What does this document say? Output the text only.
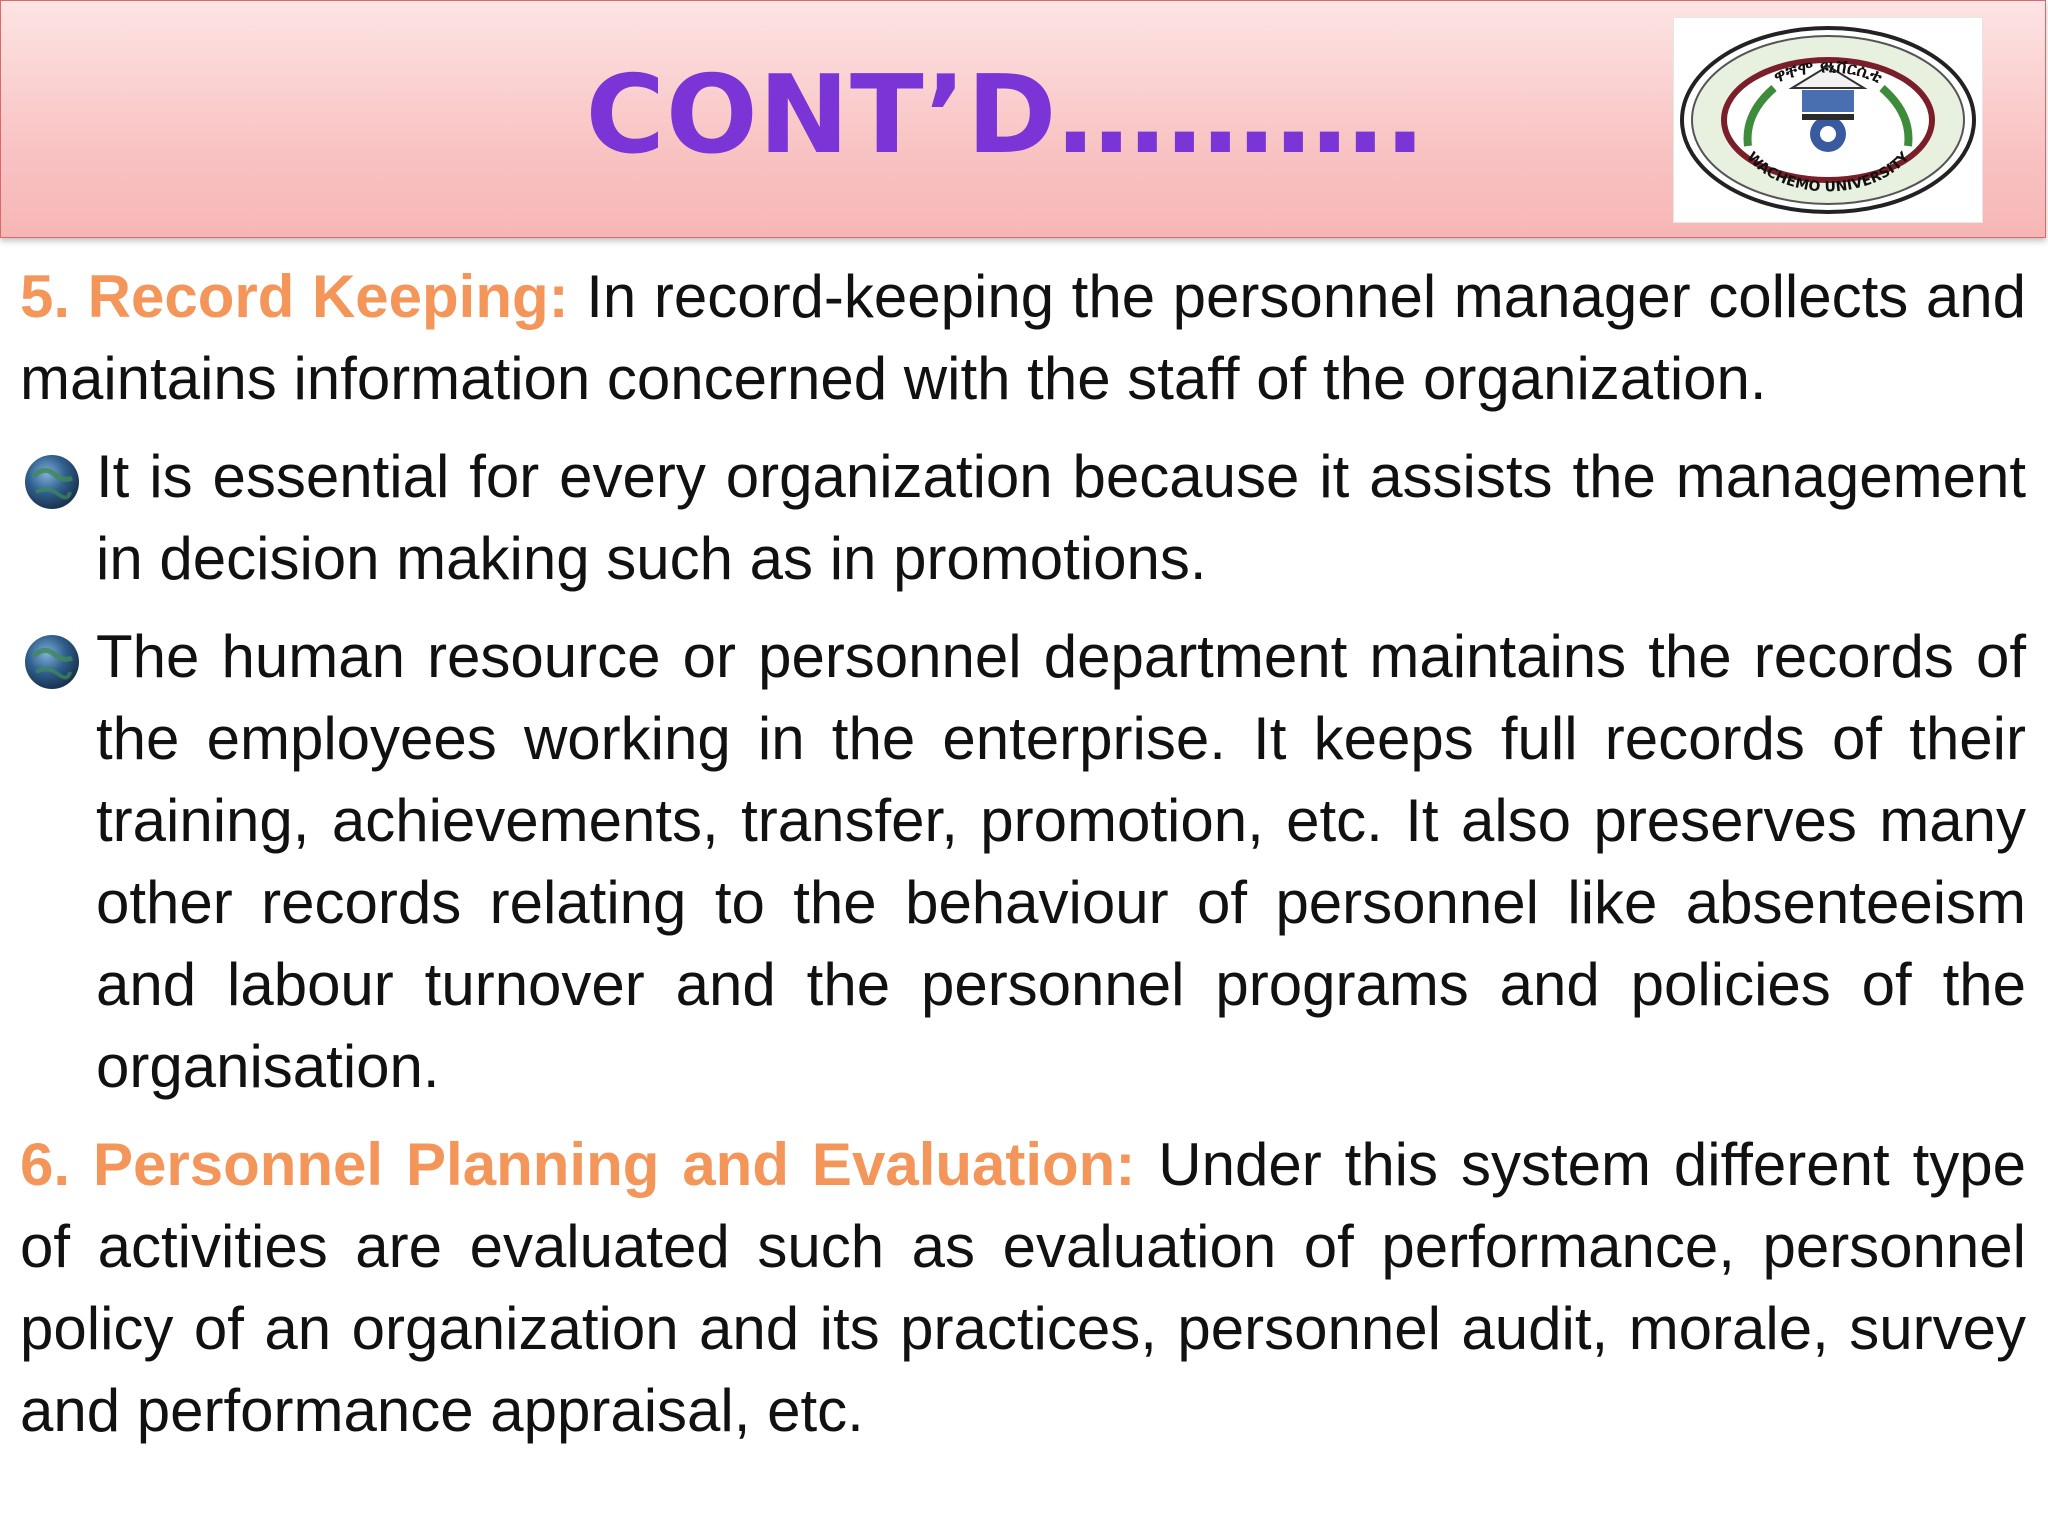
CONT’D……….	ዋቸሞ ዩኒቨርሲቲ
WACHEMO UNIVERSITY

5. Record Keeping: In record-keeping the personnel manager collects and maintains information concerned with the staff of the organization.

It is essential for every organization because it assists the management in decision making such as in promotions.
The human resource or personnel department maintains the records of the employees working in the enterprise. It keeps full records of their training, achievements, transfer, promotion, etc. It also preserves many other records relating to the behaviour of personnel like absenteeism and labour turnover and the personnel programs and policies of the organisation.

6. Personnel Planning and Evaluation: Under this system different type of activities are evaluated such as evaluation of performance, personnel policy of an organization and its practices, personnel audit, morale, survey and performance appraisal, etc.
